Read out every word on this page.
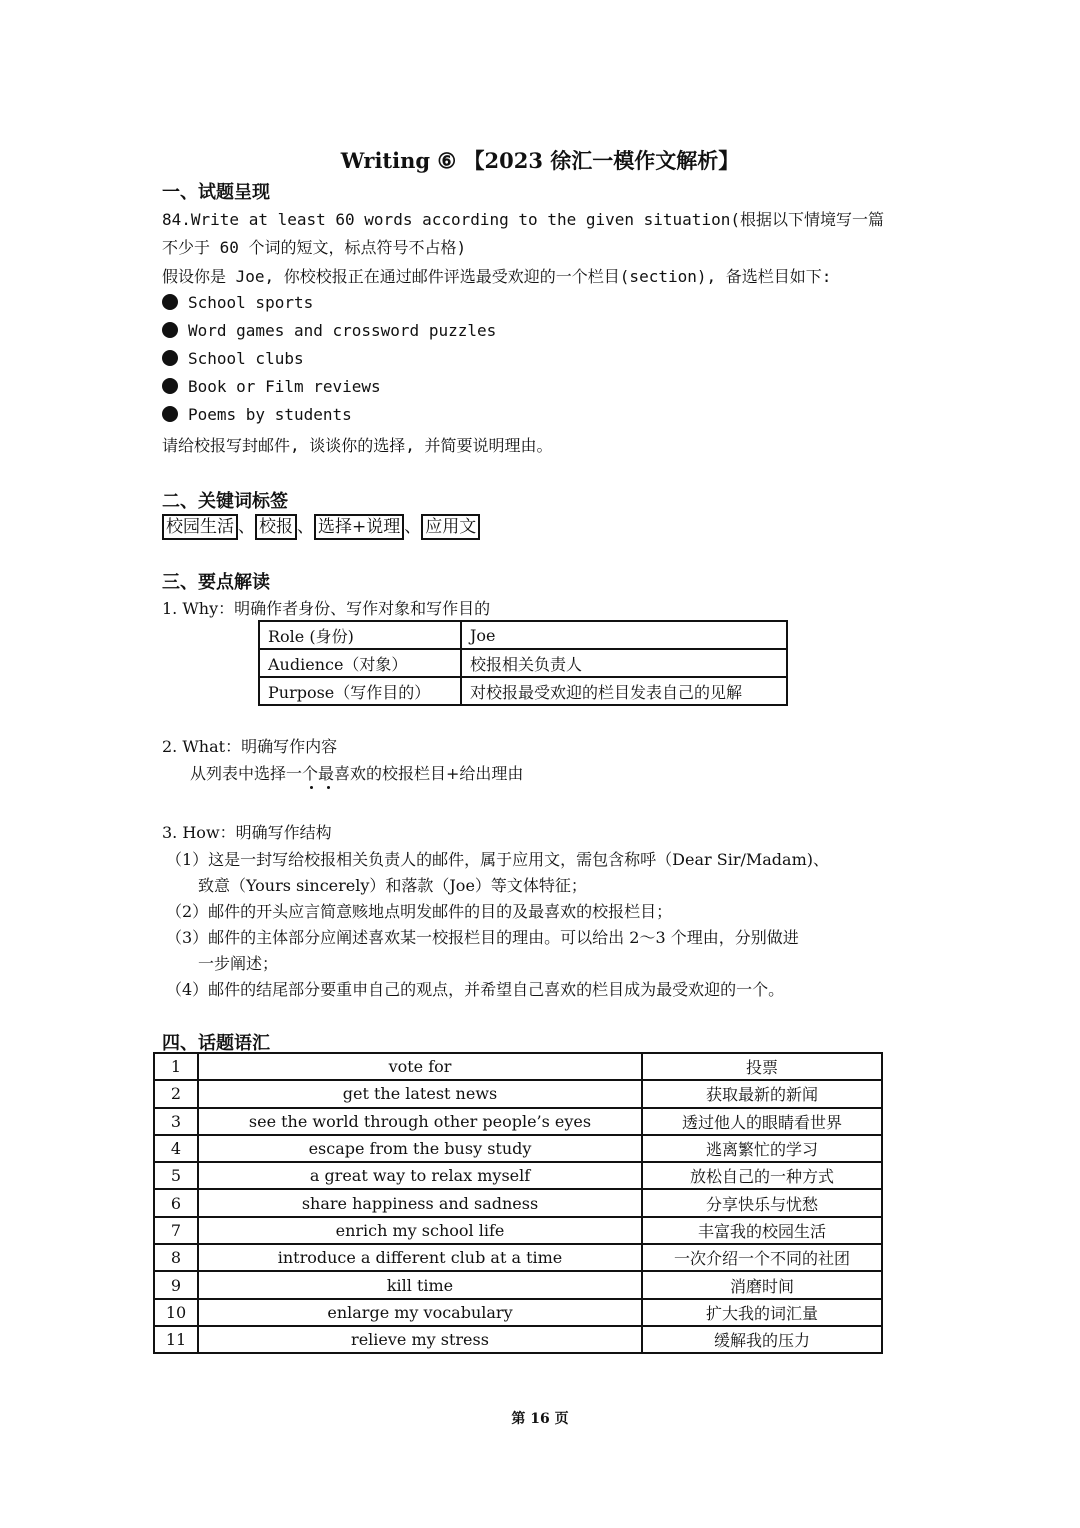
Writing ⑥ 【2023 徐汇一模作文解析】
一、试题呈现
84.Write at least 60 words according to the given situation(根据以下情境写一篇
不少于 60 个词的短文，标点符号不占格)
假设你是 Joe, 你校校报正在通过邮件评选最受欢迎的一个栏目(section), 备选栏目如下:
School sports
Word games and crossword puzzles
School clubs
Book or Film reviews
Poems by students
请给校报写封邮件, 谈谈你的选择, 并简要说明理由。
二、关键词标签
校园生活 、 校报 、 选择+说理 、 应用文
三、要点解读
1. Why：明确作者身份、写作对象和写作目的
Role (身份)	Joe
Audience（对象）	校报相关负责人
Purpose（写作目的）	对校报最受欢迎的栏目发表自己的见解
2. What：明确写作内容
从列表中选择一个最喜欢的校报栏目+给出理由
3. How：明确写作结构
（1）这是一封写给校报相关负责人的邮件，属于应用文，需包含称呼（Dear Sir/Madam)、
致意（Yours sincerely）和落款（Joe）等文体特征；
（2）邮件的开头应言简意赅地点明发邮件的目的及最喜欢的校报栏目；
（3）邮件的主体部分应阐述喜欢某一校报栏目的理由。可以给出 2～3 个理由，分别做进
一步阐述；
（4）邮件的结尾部分要重申自己的观点，并希望自己喜欢的栏目成为最受欢迎的一个。
四、话题语汇
1	vote for	投票
2	get the latest news	获取最新的新闻
3	see the world through other people’s eyes	透过他人的眼睛看世界
4	escape from the busy study	逃离繁忙的学习
5	a great way to relax myself	放松自己的一种方式
6	share happiness and sadness	分享快乐与忧愁
7	enrich my school life	丰富我的校园生活
8	introduce a different club at a time	一次介绍一个不同的社团
9	kill time	消磨时间
10	enlarge my vocabulary	扩大我的词汇量
11	relieve my stress	缓解我的压力
第 16 页
